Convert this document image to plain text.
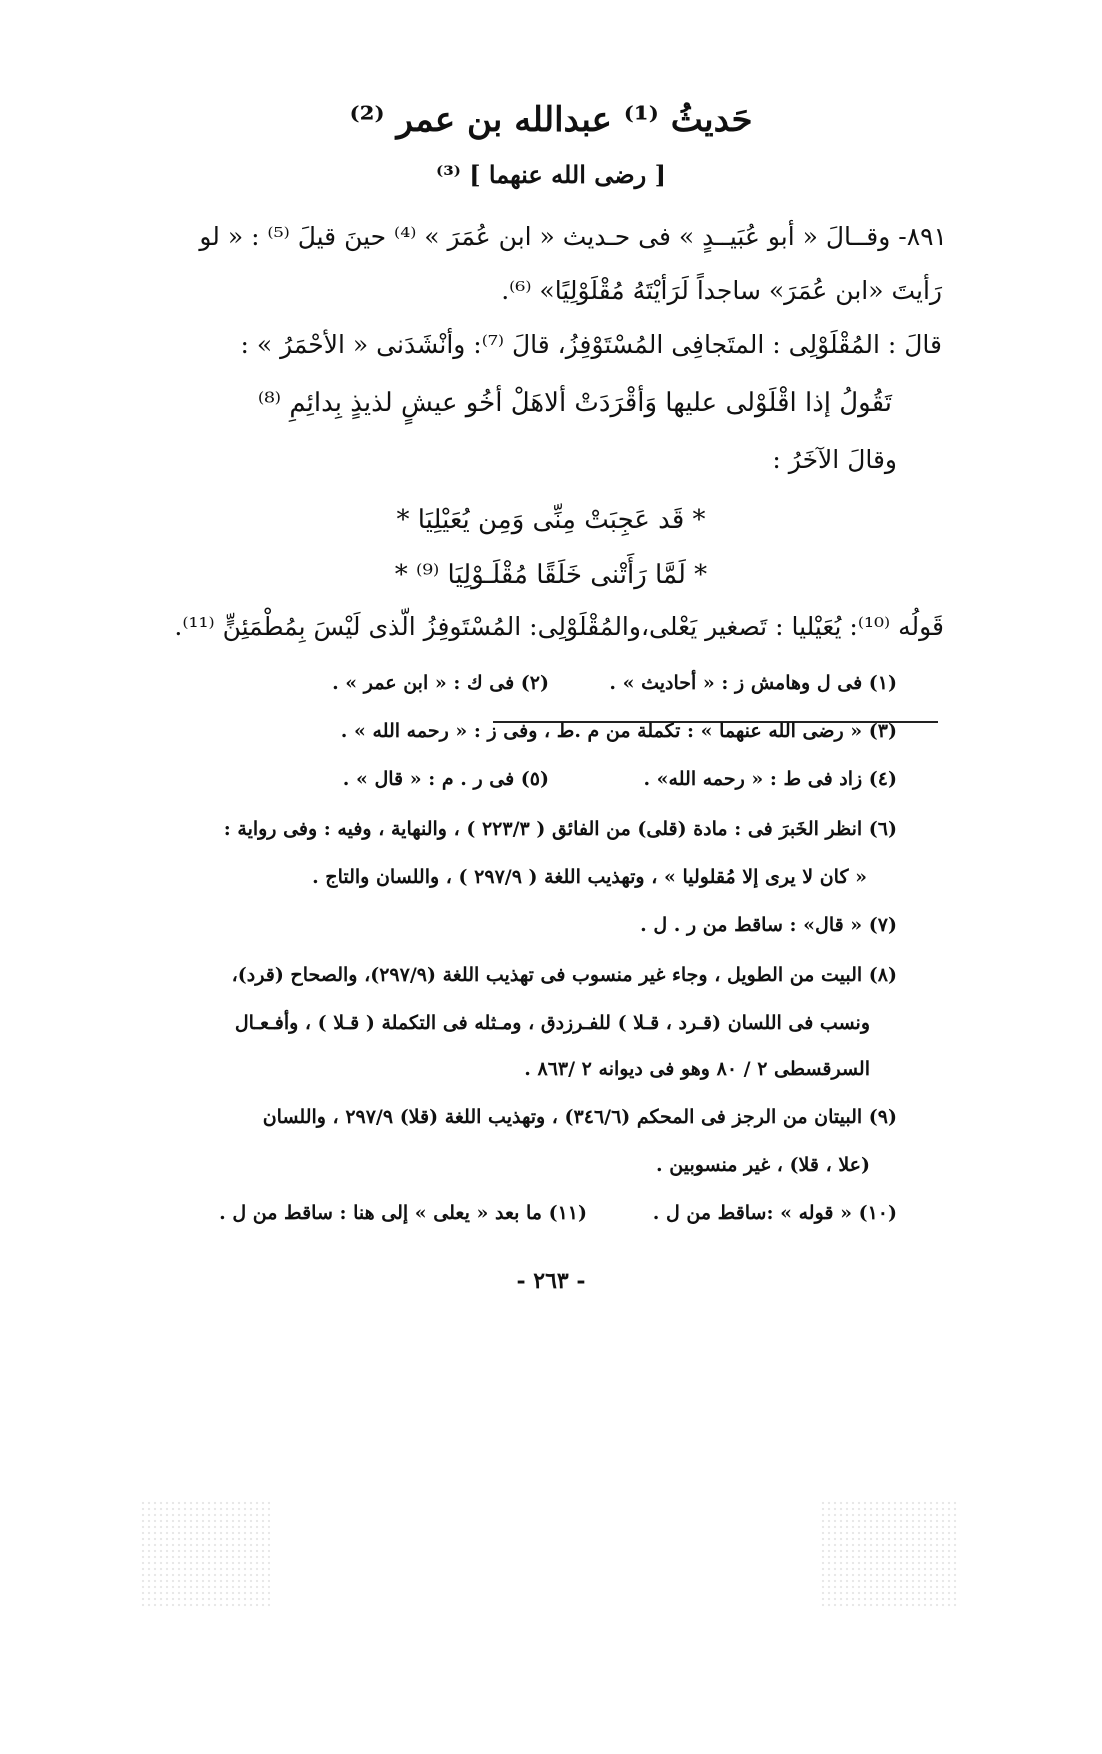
حَديثُ ⁽¹⁾ عبدالله بن عمر ⁽²⁾
[ رضى الله عنهما ] ⁽³⁾
٨٩١- وقــالَ « أبو عُبَيــدٍ » فى حـديث « ابن عُمَرَ » ⁽⁴⁾ حينَ قيلَ ⁽⁵⁾ : « لو
رَأيتَ «ابن عُمَرَ» ساجداً لَرَأيْتَهُ مُقْلَوْلِيًا» ⁽⁶⁾.
قالَ : المُقْلَوْلِى : المتَجافِى المُسْتَوْفِزُ، قالَ ⁽⁷⁾: وأنْشَدَنى « الأحْمَرُ » :
تَقُولُ إذا اقْلَوْلى عليها وَأقْرَدَتْ ألاهَلْ أخُو عيشٍ لذيذٍ بِدائِمِ ⁽⁸⁾
وقالَ الآخَرُ :
* قَد عَجِبَتْ مِنِّى وَمِن يُعَيْلِيَا *
* لَمَّا رَأَتْنى خَلَقًا مُقْلَـوْلِيَا ⁽⁹⁾ *
قَولُه ⁽¹⁰⁾: يُعَيْليا : تَصغير يَعْلى،والمُقْلَوْلِى: المُسْتَوفِزُ الّذى لَيْسَ بِمُطْمَئِنٍّ ⁽¹¹⁾.
(١) فى ل وهامش ز : « أحاديث » .
(٢) فى ك : « ابن عمر » .
(٣) « رضى الله عنهما » : تكملة من م .ط ، وفى ز : « رحمه الله » .
(٤) زاد فى ط : « رحمه الله» .
(٥) فى ر . م : « قال » .
(٦) انظر الخَبرَ فى : مادة (قلى) من الفائق ( ٢٢٣/٣ ) ، والنهاية ، وفيه : وفى رواية :
« كان لا يرى إلا مُقلوليا » ، وتهذيب اللغة ( ٢٩٧/٩ ) ، واللسان والتاج .
(٧) « قال» : ساقط من ر . ل .
(٨) البيت من الطويل ، وجاء غير منسوب فى تهذيب اللغة (٢٩٧/٩)، والصحاح (قرد)،
ونسب فى اللسان (قـرد ، قـلا ) للفـرزدق ، ومـثله فى التكملة ( قـلا ) ، وأفـعـال
السرقسطى ٢ / ٨٠ وهو فى ديوانه ٢ /٨٦٣ .
(٩) البيتان من الرجز فى المحكم (٣٤٦/٦) ، وتهذيب اللغة (قلا) ٢٩٧/٩ ، واللسان
(علا ، قلا) ، غير منسوبين .
(١٠) « قوله » :ساقط من ل .
(١١) ما بعد « يعلى » إلى هنا : ساقط من ل .
- ٢٦٣ -
